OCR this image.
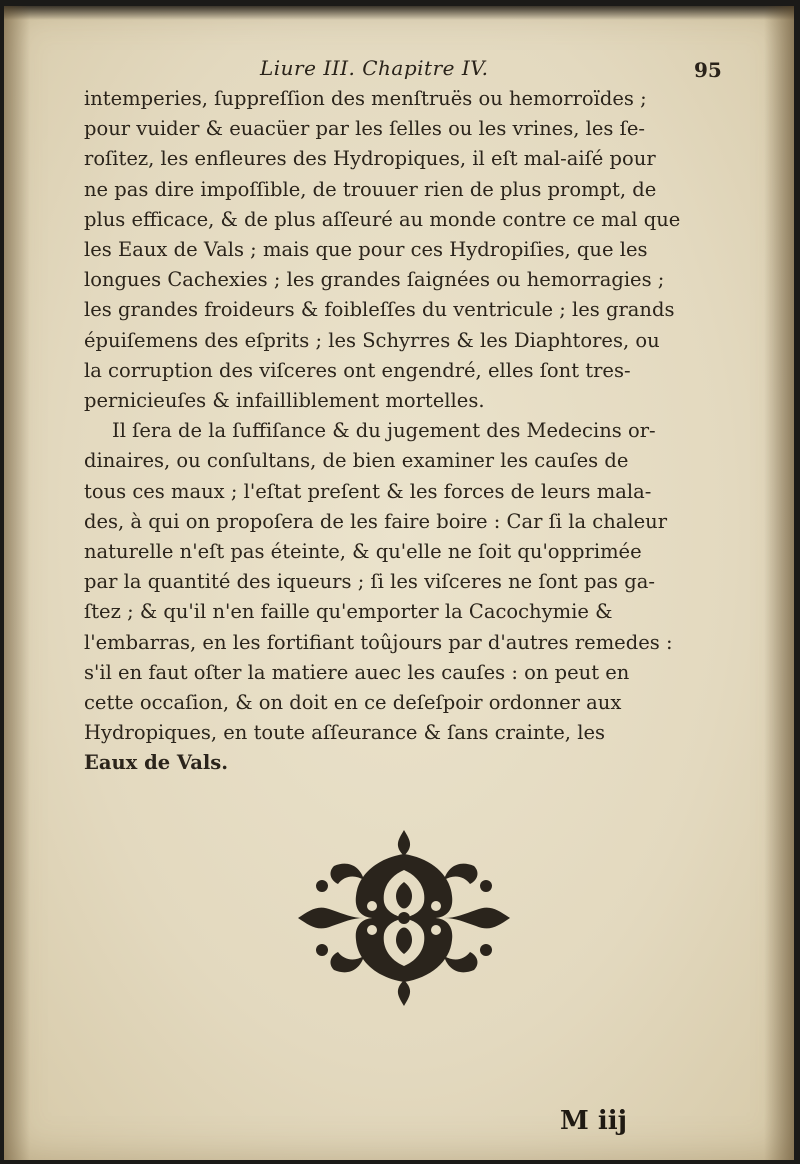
Liure III. Chapitre IV.	95
intemperies, ſuppreſſion des menſtruës ou hemorroïdes ;
pour vuider & euacüer par les ſelles ou les vrines, les ſe-
roſitez, les enfleures des Hydropiques, il eſt mal-aiſé pour
ne pas dire impoſſible, de trouuer rien de plus prompt, de
plus efficace, & de plus aſſeuré au monde contre ce mal que
les Eaux de Vals ; mais que pour ces Hydropiſies, que les
longues Cachexies ; les grandes ſaignées ou hemorragies ;
les grandes froideurs & foibleſſes du ventricule ; les grands
épuiſemens des eſprits ; les Schyrres & les Diaphtores, ou
la corruption des viſceres ont engendré, elles ſont tres-
pernicieuſes & infailliblement mortelles.
Il ſera de la ſuffiſance & du jugement des Medecins or-
dinaires, ou conſultans, de bien examiner les cauſes de
tous ces maux ; l'eſtat preſent & les forces de leurs mala-
des, à qui on propoſera de les faire boire : Car ſi la chaleur
naturelle n'eſt pas éteinte, & qu'elle ne ſoit qu'opprimée
par la quantité des iqueurs ; ſi les viſceres ne ſont pas ga-
ſtez ; & qu'il n'en faille qu'emporter la Cacochymie &
l'embarras, en les fortifiant toûjours par d'autres remedes :
s'il en faut oſter la matiere auec les cauſes : on peut en
cette occaſion, & on doit en ce deſeſpoir ordonner aux
Hydropiques, en toute aſſeurance & ſans crainte, les
Eaux de Vals.
M iij
